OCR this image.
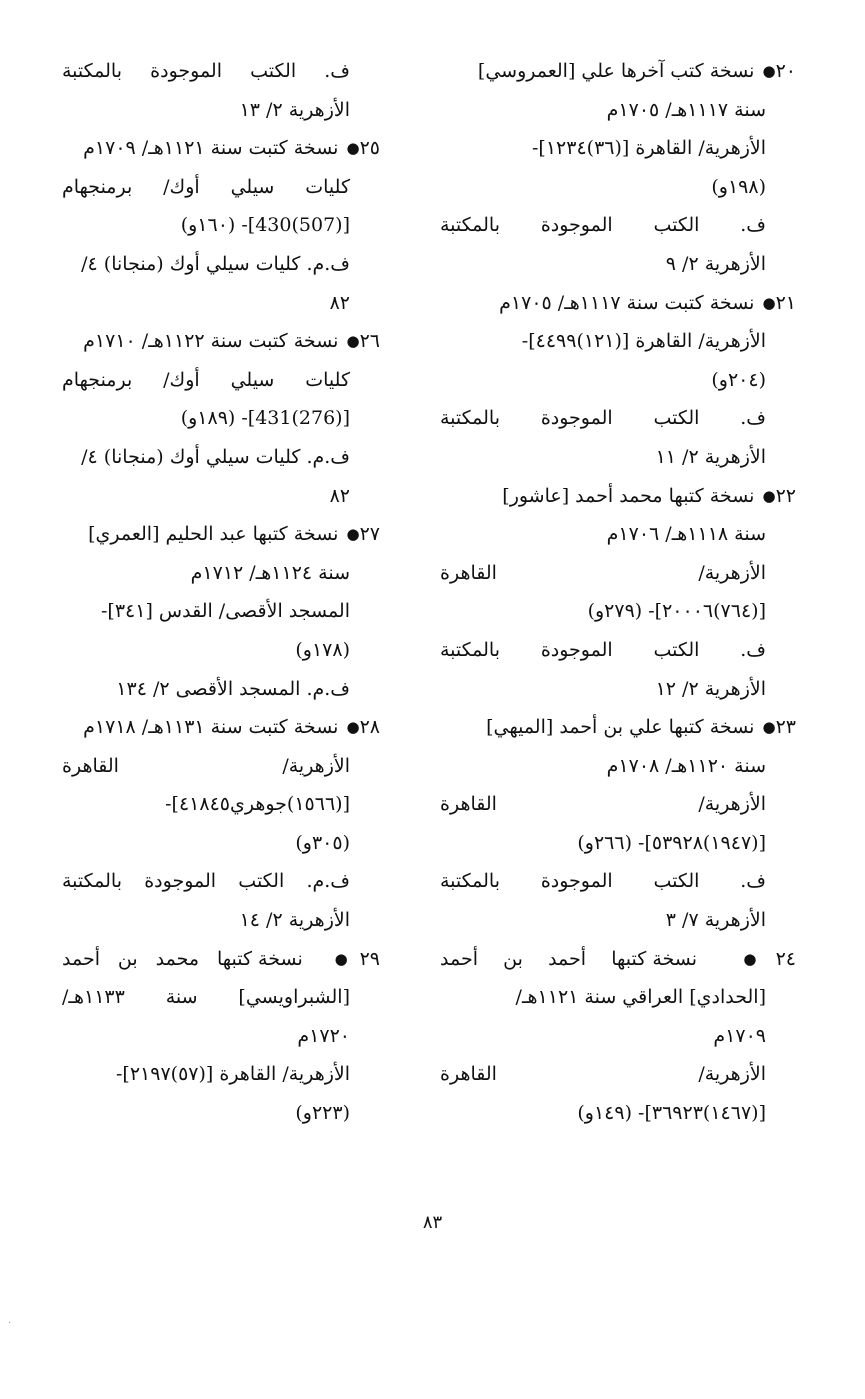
٢٠● نسخة كتب آخرها علي [العمروسي]
سنة ١١١٧هـ/ ١٧٠٥م
الأزهرية/ القاهرة [(٣٦)١٢٣٤]-
(١٩٨و)
ف. الكتب الموجودة بالمكتبة
الأزهرية ٢/ ٩
٢١● نسخة كتبت سنة ١١١٧هـ/ ١٧٠٥م
الأزهرية/ القاهرة [(١٢١)٤٤٩٩]-
(٢٠٤و)
ف. الكتب الموجودة بالمكتبة
الأزهرية ٢/ ١١
٢٢● نسخة كتبها محمد أحمد [عاشور]
سنة ١١١٨هـ/ ١٧٠٦م
الأزهرية/ القاهرة
[(٧٦٤)٢٠٠٠٦]- (٢٧٩و)
ف. الكتب الموجودة بالمكتبة
الأزهرية ٢/ ١٢
٢٣● نسخة كتبها علي بن أحمد [الميهي]
سنة ١١٢٠هـ/ ١٧٠٨م
الأزهرية/ القاهرة
[(١٩٤٧)٥٣٩٢٨]- (٢٦٦و)
ف. الكتب الموجودة بالمكتبة
الأزهرية ٧/ ٣
٢٤● نسخة كتبها أحمد بن أحمد
[الحدادي] العراقي سنة ١١٢١هـ/
١٧٠٩م
الأزهرية/ القاهرة
[(١٤٦٧)٣٦٩٢٣]- (١٤٩و)
ف. الكتب الموجودة بالمكتبة
الأزهرية ٢/ ١٣
٢٥● نسخة كتبت سنة ١١٢١هـ/ ١٧٠٩م
كليات سيلي أوك/ برمنجهام
[(507)430]- (١٦٠و)
ف.م. كليات سيلي أوك (منجانا) ٤/
٨٢
٢٦● نسخة كتبت سنة ١١٢٢هـ/ ١٧١٠م
كليات سيلي أوك/ برمنجهام
[(276)431]- (١٨٩و)
ف.م. كليات سيلي أوك (منجانا) ٤/
٨٢
٢٧● نسخة كتبها عبد الحليم [العمري]
سنة ١١٢٤هـ/ ١٧١٢م
المسجد الأقصى/ القدس [٣٤١]-
(١٧٨و)
ف.م. المسجد الأقصى ٢/ ١٣٤
٢٨● نسخة كتبت سنة ١١٣١هـ/ ١٧١٨م
الأزهرية/ القاهرة
[(١٥٦٦)جوهري٤١٨٤٥]-
(٣٠٥و)
ف.م. الكتب الموجودة بالمكتبة
الأزهرية ٢/ ١٤
٢٩● نسخة كتبها محمد بن أحمد
[الشبراويسي] سنة ١١٣٣هـ/
١٧٢٠م
الأزهرية/ القاهرة [(٥٧)٢١٩٧]-
(٢٢٣و)
٨٣
·
